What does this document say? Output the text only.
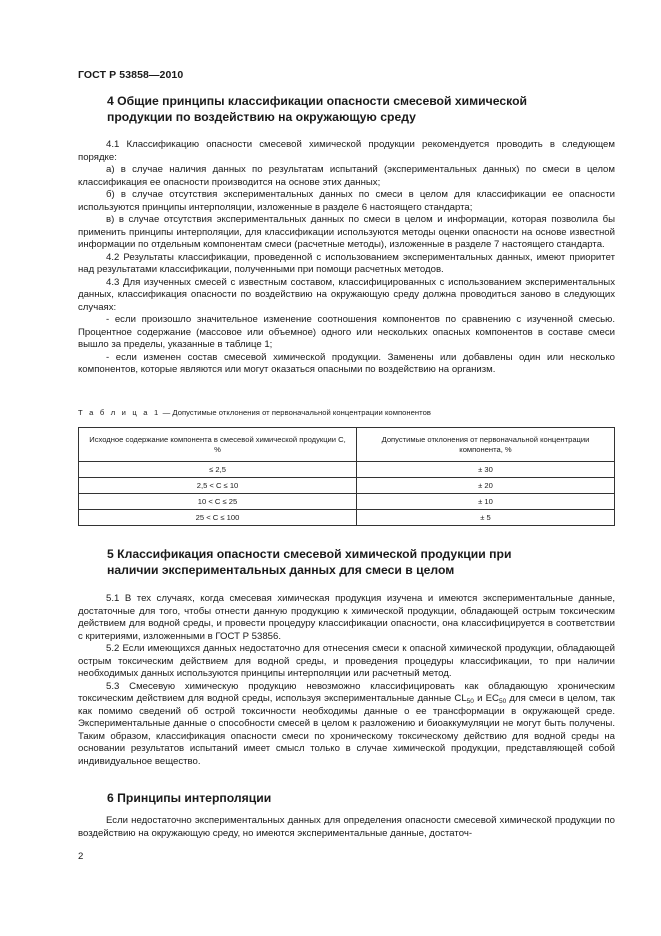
ГОСТ Р 53858—2010
4 Общие принципы классификации опасности смесевой химической
продукции по воздействию на окружающую среду

4.1 Классификацию опасности смесевой химической продукции рекомендуется проводить в следующем порядке:

а) в случае наличия данных по результатам испытаний (экспериментальных данных) по смеси в целом классификация ее опасности производится на основе этих данных;

б) в случае отсутствия экспериментальных данных по смеси в целом для классификации ее опасности используются принципы интерполяции, изложенные в разделе 6 настоящего стандарта;

в) в случае отсутствия экспериментальных данных по смеси в целом и информации, которая позволила бы применить принципы интерполяции, для классификации используются методы оценки опасности на основе известной информации по отдельным компонентам смеси (расчетные методы), изложенные в разделе 7 настоящего стандарта.

4.2 Результаты классификации, проведенной с использованием экспериментальных данных, имеют приоритет над результатами классификации, полученными при помощи расчетных методов.

4.3 Для изученных смесей с известным составом, классифицированных с использованием экспериментальных данных, классификация опасности по воздействию на окружающую среду должна проводиться заново в следующих случаях:

- если произошло значительное изменение соотношения компонентов по сравнению с изученной смесью. Процентное содержание (массовое или объемное) одного или нескольких опасных компонентов в составе смеси вышло за пределы, указанные в таблице 1;

- если изменен состав смесевой химической продукции. Заменены или добавлены один или несколько компонентов, которые являются или могут оказаться опасными по воздействию на организм.

Т а б л и ц а 1 — Допустимые отклонения от первоначальной концентрации компонентов
Исходное содержание компонента в смесевой химической продукции C, %	Допустимые отклонения от первоначальной концентрации компонента, %
≤ 2,5	± 30
2,5 < C ≤ 10	± 20
10 < C ≤ 25	± 10
25 < C ≤ 100	± 5
5 Классификация опасности смесевой химической продукции при
наличии экспериментальных данных для смеси в целом

5.1 В тех случаях, когда смесевая химическая продукция изучена и имеются экспериментальные данные, достаточные для того, чтобы отнести данную продукцию к химической продукции, обладающей острым токсическим действием для водной среды, и провести процедуру классификации опасности, она классифицируется в соответствии с критериями, изложенными в ГОСТ Р 53856.

5.2 Если имеющихся данных недостаточно для отнесения смеси к опасной химической продукции, обладающей острым токсическим действием для водной среды, и проведения процедуры классификации, то при наличии необходимых данных используются принципы интерполяции или расчетный метод.

5.3 Смесевую химическую продукцию невозможно классифицировать как обладающую хроническим токсическим действием для водной среды, используя экспериментальные данные $CL_{50}$ и $EC_{50}$ для смеси в целом, так как помимо сведений об острой токсичности необходимы данные о ее трансформации в окружающей среде. Экспериментальные данные о способности смесей в целом к разложению и биоаккумуляции не могут быть получены. Таким образом, классификация опасности смеси по хроническому токсическому действию для водной среды на основании результатов испытаний имеет смысл только в случае химической продукции, представляющей собой индивидуальное вещество.

6 Принципы интерполяции

Если недостаточно экспериментальных данных для определения опасности смесевой химической продукции по воздействию на окружающую среду, но имеются экспериментальные данные, достаточ-

2
